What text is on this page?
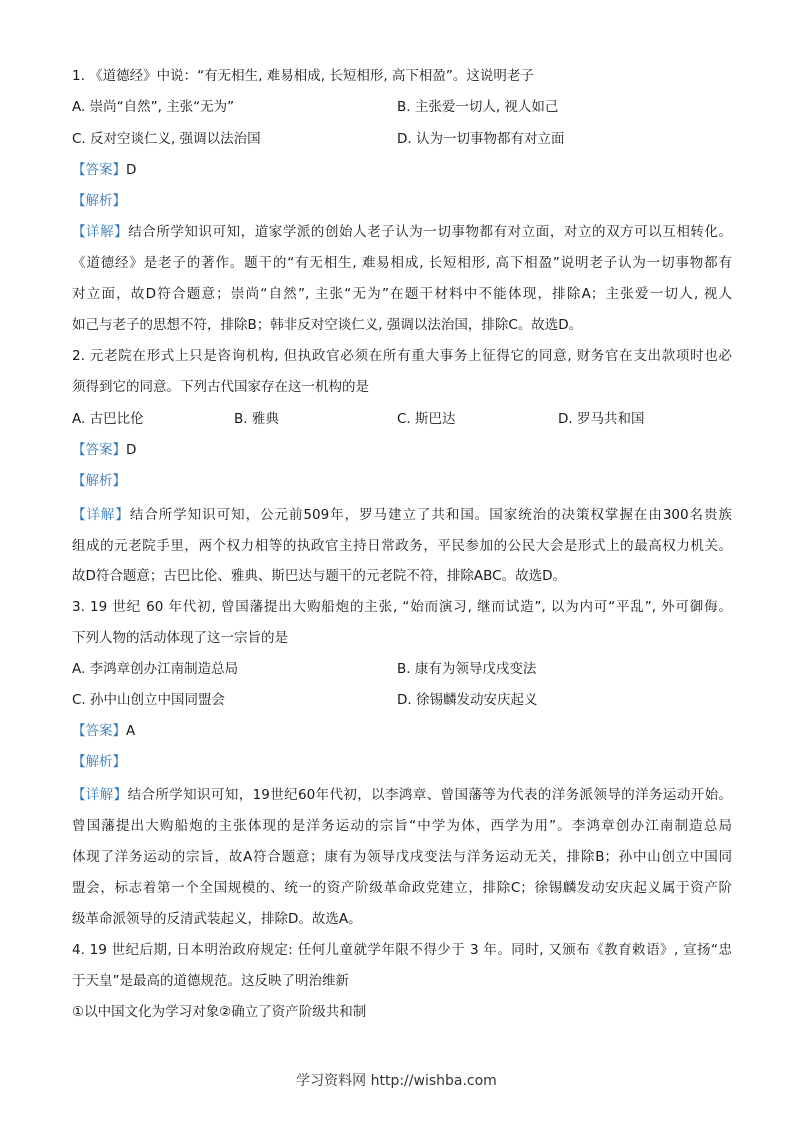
1. 《道德经》中说：“有无相生, 难易相成, 长短相形, 高下相盈”。这说明老子
A. 崇尚“自然”, 主张“无为”	B. 主张爱一切人, 视人如己
C. 反对空谈仁义, 强调以法治国	D. 认为一切事物都有对立面
【答案】D
【解析】
【详解】结合所学知识可知，道家学派的创始人老子认为一切事物都有对立面，对立的双方可以互相转化。
《道德经》是老子的著作。题干的“有无相生, 难易相成, 长短相形, 高下相盈”说明老子认为一切事物都有
对立面，故D符合题意；崇尚“自然”, 主张“无为”在题干材料中不能体现，排除A；主张爱一切人, 视人
如己与老子的思想不符，排除B；韩非反对空谈仁义, 强调以法治国，排除C。故选D。
2. 元老院在形式上只是咨询机构, 但执政官必须在所有重大事务上征得它的同意, 财务官在支出款项时也必
须得到它的同意。下列古代国家存在这一机构的是
A. 古巴比伦	B. 雅典	C. 斯巴达	D. 罗马共和国
【答案】D
【解析】
【详解】结合所学知识可知，公元前509年，罗马建立了共和国。国家统治的决策权掌握在由300名贵族
组成的元老院手里，两个权力相等的执政官主持日常政务，平民参加的公民大会是形式上的最高权力机关。
故D符合题意；古巴比伦、雅典、斯巴达与题干的元老院不符，排除ABC。故选D。
3. 19 世纪 60 年代初, 曾国藩提出大购船炮的主张, “始而演习, 继而试造”, 以为内可“平乱”, 外可御侮。
下列人物的活动体现了这一宗旨的是
A. 李鸿章创办江南制造总局	B. 康有为领导戊戌变法
C. 孙中山创立中国同盟会	D. 徐锡麟发动安庆起义
【答案】A
【解析】
【详解】结合所学知识可知，19世纪60年代初，以李鸿章、曾国藩等为代表的洋务派领导的洋务运动开始。
曾国藩提出大购船炮的主张体现的是洋务运动的宗旨“中学为体，西学为用”。李鸿章创办江南制造总局
体现了洋务运动的宗旨，故A符合题意；康有为领导戊戌变法与洋务运动无关，排除B；孙中山创立中国同
盟会，标志着第一个全国规模的、统一的资产阶级革命政党建立，排除C；徐锡麟发动安庆起义属于资产阶
级革命派领导的反清武装起义，排除D。故选A。
4. 19 世纪后期, 日本明治政府规定: 任何儿童就学年限不得少于 3 年。同时, 又颁布《教育敕语》, 宣扬“忠
于天皇”是最高的道德规范。这反映了明治维新
①以中国文化为学习对象②确立了资产阶级共和制
学习资料网 http://wishba.com
